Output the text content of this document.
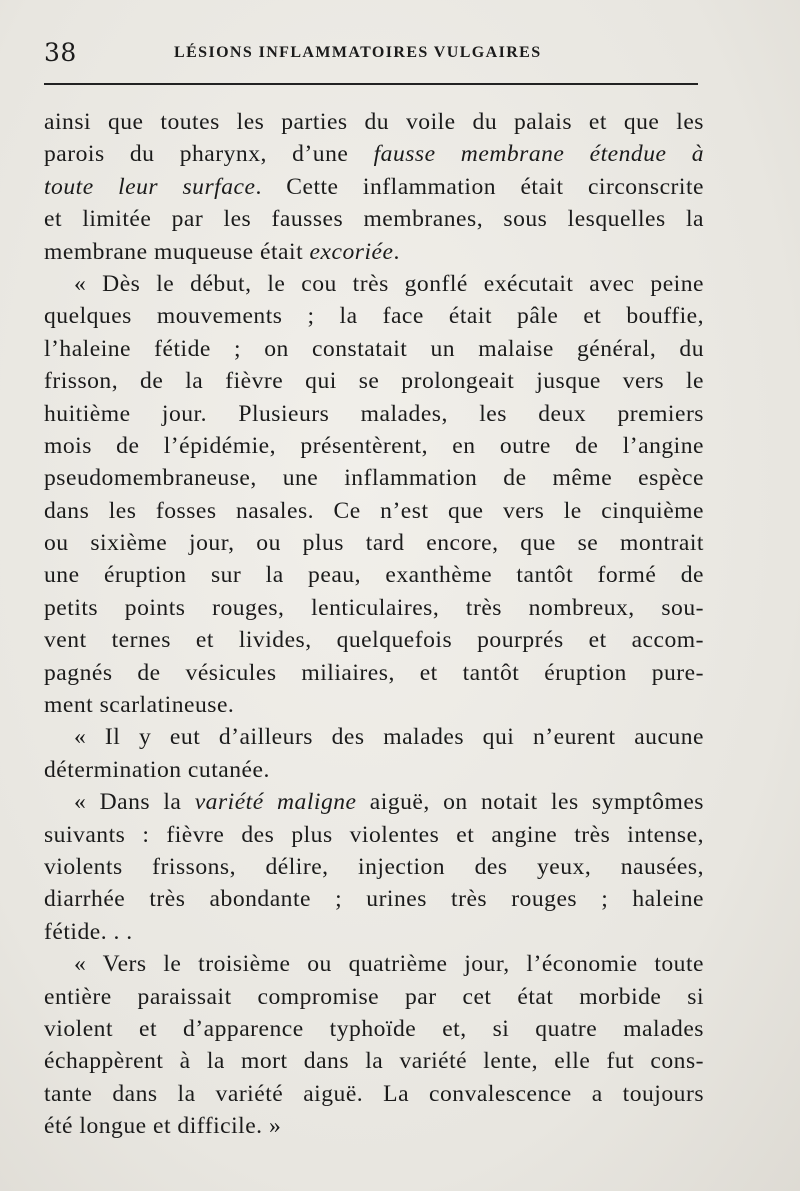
38	LÉSIONS INFLAMMATOIRES VULGAIRES
ainsi que toutes les parties du voile du palais et que les
parois du pharynx, d’une fausse membrane étendue à
toute leur surface. Cette inflammation était circonscrite
et limitée par les fausses membranes, sous lesquelles la
membrane muqueuse était excoriée.
« Dès le début, le cou très gonflé exécutait avec peine
quelques mouvements ; la face était pâle et bouffie,
l’haleine fétide ; on constatait un malaise général, du
frisson, de la fièvre qui se prolongeait jusque vers le
huitième jour. Plusieurs malades, les deux premiers
mois de l’épidémie, présentèrent, en outre de l’angine
pseudomembraneuse, une inflammation de même espèce
dans les fosses nasales. Ce n’est que vers le cinquième
ou sixième jour, ou plus tard encore, que se montrait
une éruption sur la peau, exanthème tantôt formé de
petits points rouges, lenticulaires, très nombreux, sou-
vent ternes et livides, quelquefois pourprés et accom-
pagnés de vésicules miliaires, et tantôt éruption pure-
ment scarlatineuse.
« Il y eut d’ailleurs des malades qui n’eurent aucune
détermination cutanée.
« Dans la variété maligne aiguë, on notait les symptômes
suivants : fièvre des plus violentes et angine très intense,
violents frissons, délire, injection des yeux, nausées,
diarrhée très abondante ; urines très rouges ; haleine
fétide. . .
« Vers le troisième ou quatrième jour, l’économie toute
entière paraissait compromise par cet état morbide si
violent et d’apparence typhoïde et, si quatre malades
échappèrent à la mort dans la variété lente, elle fut cons-
tante dans la variété aiguë. La convalescence a toujours
été longue et difficile. »
